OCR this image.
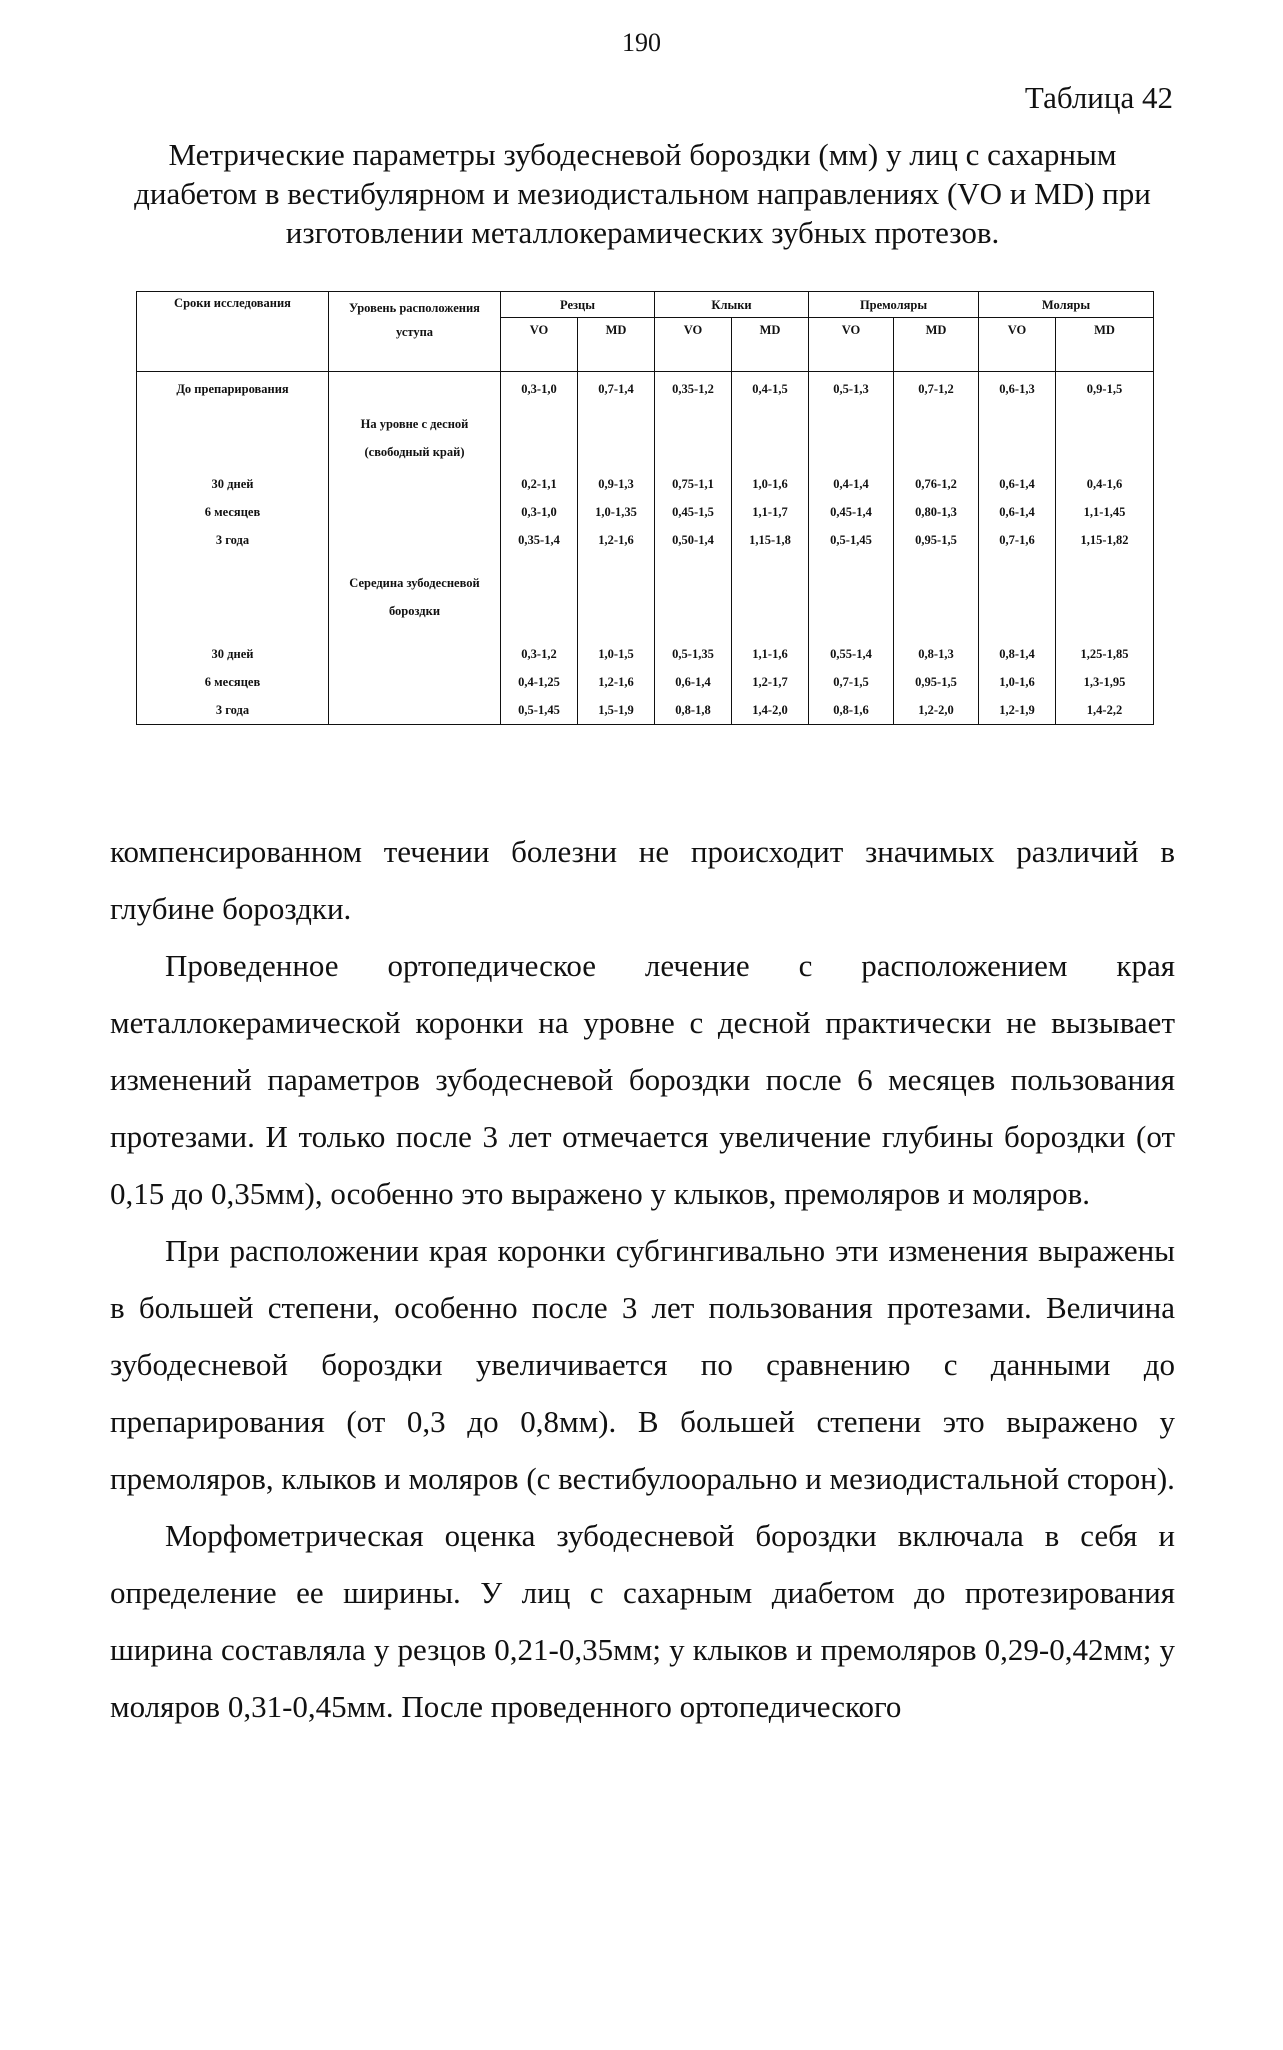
190
Таблица 42
Метрические параметры зубодесневой бороздки (мм) у лиц с сахарным диабетом в вестибулярном и мезиодистальном направлениях (VO и MD) при изготовлении металлокерамических зубных протезов.
Сроки исследования	Уровень расположения уступа	Резцы		Клыки		Премоляры		Моляры	
		VO	MD	VO	MD	VO	MD	VO	MD
До препарирования		0,3-1,0	0,7-1,4	0,35-1,2	0,4-1,5	0,5-1,3	0,7-1,2	0,6-1,3	0,9-1,5
	На уровне с десной (свободный край)								
30 дней		0,2-1,1	0,9-1,3	0,75-1,1	1,0-1,6	0,4-1,4	0,76-1,2	0,6-1,4	0,4-1,6
6 месяцев		0,3-1,0	1,0-1,35	0,45-1,5	1,1-1,7	0,45-1,4	0,80-1,3	0,6-1,4	1,1-1,45
3 года		0,35-1,4	1,2-1,6	0,50-1,4	1,15-1,8	0,5-1,45	0,95-1,5	0,7-1,6	1,15-1,82
	Середина зубодесневой бороздки								
30 дней		0,3-1,2	1,0-1,5	0,5-1,35	1,1-1,6	0,55-1,4	0,8-1,3	0,8-1,4	1,25-1,85
6 месяцев		0,4-1,25	1,2-1,6	0,6-1,4	1,2-1,7	0,7-1,5	0,95-1,5	1,0-1,6	1,3-1,95
3 года		0,5-1,45	1,5-1,9	0,8-1,8	1,4-2,0	0,8-1,6	1,2-2,0	1,2-1,9	1,4-2,2

компенсированном течении болезни не происходит значимых различий в глубине бороздки.

Проведенное ортопедическое лечение с расположением края металлокерамической коронки на уровне с десной практически не вызывает изменений параметров зубодесневой бороздки после 6 месяцев пользования протезами. И только после 3 лет отмечается увеличение глубины бороздки (от 0,15 до 0,35мм), особенно это выражено у клыков, премоляров и моляров.

При расположении края коронки субгингивально эти изменения выражены в большей степени, особенно после 3 лет пользования протезами. Величина зубодесневой бороздки увеличивается по сравнению с данными до препарирования (от 0,3 до 0,8мм). В большей степени это выражено у премоляров, клыков и моляров (с вестибулоорально и мезиодистальной сторон).

Морфометрическая оценка зубодесневой бороздки включала в себя и определение ее ширины. У лиц с сахарным диабетом до протезирования ширина составляла у резцов 0,21-0,35мм; у клыков и премоляров 0,29-0,42мм; у моляров 0,31-0,45мм. После проведенного ортопедического
